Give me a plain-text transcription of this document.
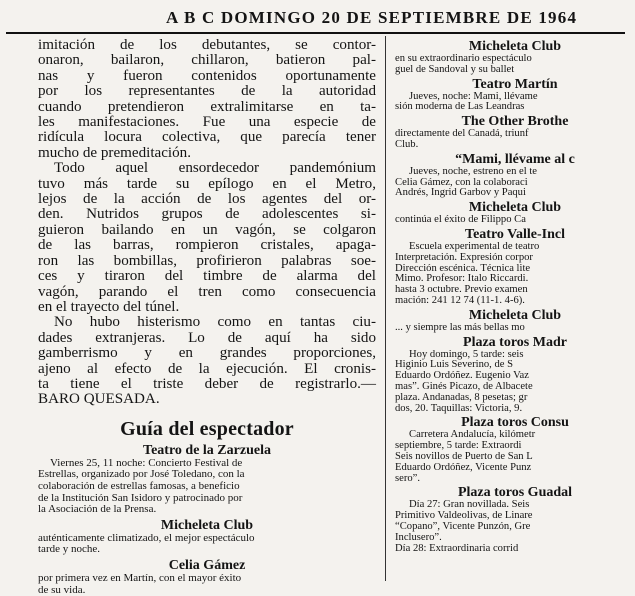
A B C DOMINGO 20 DE SEPTIEMBRE DE 1964
imitación de los debutantes, se contor-
onaron, bailaron, chillaron, batieron pal-
nas y fueron contenidos oportunamente
por los representantes de la autoridad
cuando pretendieron extralimitarse en ta-
les manifestaciones. Fue una especie de
ridícula locura colectiva, que parecía tener
mucho de premeditación.
Todo aquel ensordecedor pandemónium
tuvo más tarde su epílogo en el Metro,
lejos de la acción de los agentes del or-
den. Nutridos grupos de adolescentes si-
guieron bailando en un vagón, se colgaron
de las barras, rompieron cristales, apaga-
ron las bombillas, profirieron palabras soe-
ces y tiraron del timbre de alarma del
vagón, parando el tren como consecuencia
en el trayecto del túnel.
No hubo histerismo como en tantas ciu-
dades extranjeras. Lo de aquí ha sido
gamberrismo y en grandes proporciones,
ajeno al efecto de la ejecución. El cronis-
ta tiene el triste deber de registrarlo.—
BARO QUESADA.
Guía del espectador
Teatro de la Zarzuela
Viernes 25, 11 noche: Concierto Festival de
Estrellas, organizado por José Toledano, con la
colaboración de estrellas famosas, a beneficio
de la Institución San Isidoro y patrocinado por
la Asociación de la Prensa.
Micheleta Club
auténticamente climatizado, el mejor espectáculo
tarde y noche.
Celia Gámez
por primera vez en Martín, con el mayor éxito
de su vida.
Micheleta Club
en su extraordinario espectáculo
guel de Sandoval y su ballet
Teatro Martín
Jueves, noche: Mami, llévame
sión moderna de Las Leandras
The Other Brothe
directamente del Canadá, triunf
Club.
“Mami, llévame al c
Jueves, noche, estreno en el te
Celia Gámez, con la colaboraci
Andrés, Ingrid Garbov y Paqui
Micheleta Club
continúa el éxito de Filippo Ca
Teatro Valle-Incl
Escuela experimental de teatro
Interpretación. Expresión corpor
Dirección escénica. Técnica lite
Mimo. Profesor: Italo Riccardi.
hasta 3 octubre. Previo examen
mación: 241 12 74 (11-1. 4-6).
Micheleta Club
... y siempre las más bellas mo
Plaza toros Madr
Hoy domingo, 5 tarde: seis
Higinio Luis Severino, de S
Eduardo Ordóñez. Eugenio Vaz
mas”. Ginés Picazo, de Albacete
plaza. Andanadas, 8 pesetas; gr
dos, 20. Taquillas: Victoria, 9.
Plaza toros Consu
Carretera Andalucía, kilómetr
septiembre, 5 tarde: Extraordi
Seis novillos de Puerto de San L
Eduardo Ordóñez, Vicente Punz
sero”.
Plaza toros Guadal
Día 27: Gran novillada. Seis
Primitivo Valdeolivas, de Linare
“Copano”, Vicente Punzón, Gre
Inclusero”.
Día 28: Extraordinaria corrid
